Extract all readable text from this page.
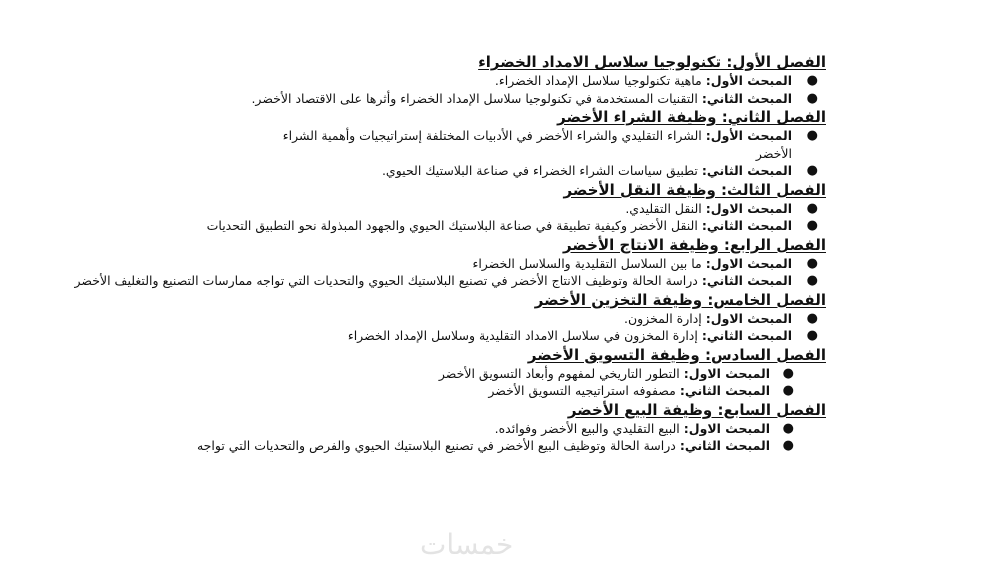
الفصل الأول: تكنولوجيا سلاسل الامداد الخضراء

●
المبحث الأول: ماهية تكنولوجيا سلاسل الإمداد الخضراء.
●
المبحث الثاني: التقنيات المستخدمة في تكنولوجيا سلاسل الإمداد الخضراء وأثرها على الاقتصاد الأخضر.

الفصل الثاني: وظيفة الشراء الأخضر

●
المبحث الأول: الشراء التقليدي والشراء الأخضر في الأدبيات المختلفة إستراتيجيات وأهمية الشراء الأخضر
●
المبحث الثاني: تطبيق سياسات الشراء الخضراء في صناعة البلاستيك الحيوي.

الفصل الثالث: وظيفة النقل الأخضر

●
المبحث الاول: النقل التقليدي.
●
المبحث الثاني: النقل الأخضر وكيفية تطبيقة في صناعة البلاستيك الحيوي والجهود المبذولة نحو التطبيق التحديات

الفصل الرابع: وظيفة الانتاج الأخضر

●
المبحث الاول: ما بين السلاسل التقليدية والسلاسل الخضراء
●
المبحث الثاني: دراسة الحالة وتوظيف الانتاج الأخضر في تصنيع البلاستيك الحيوي والتحديات التي تواجه ممارسات التصنيع والتغليف الأخضر

الفصل الخامس: وظيفة التخزين الأخضر

●
المبحث الاول: إدارة المخزون.
●
المبحث الثاني: إدارة المخزون في سلاسل الامداد التقليدية وسلاسل الإمداد الخضراء

الفصل السادس: وظيفة التسويق الأخضر

●
المبحث الاول: التطور التاريخي لمفهوم وأبعاد التسويق الأخضر
●
المبحث الثاني: مصفوفه استراتيجيه التسويق الأخضر

الفصل السابع: وظيفة البيع الأخضر

●
المبحث الاول: البيع التقليدي والبيع الأخضر وفوائده.
●
المبحث الثاني: دراسة الحالة وتوظيف البيع الأخضر في تصنيع البلاستيك الحيوي والفرص والتحديات التي تواجه
خمسات
